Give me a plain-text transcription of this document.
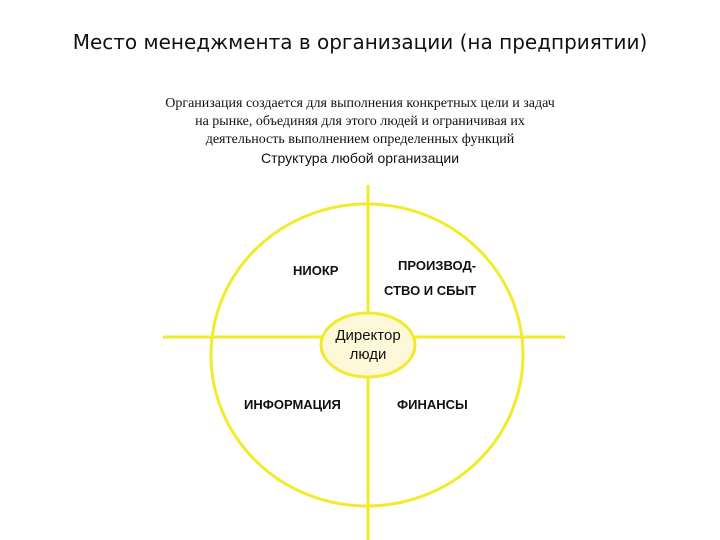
Место менеджмента в организации (на предприятии)
Организация создается для выполнения конкретных цели и задач на рынке, объединяя для этого людей и ограничивая их деятельность выполнением определенных функций
Структура любой организации
НИОКР	ПРОИЗВОД-
СТВО И СБЫТ
ИНФОРМАЦИЯ	ФИНАНСЫ
Директор
люди
